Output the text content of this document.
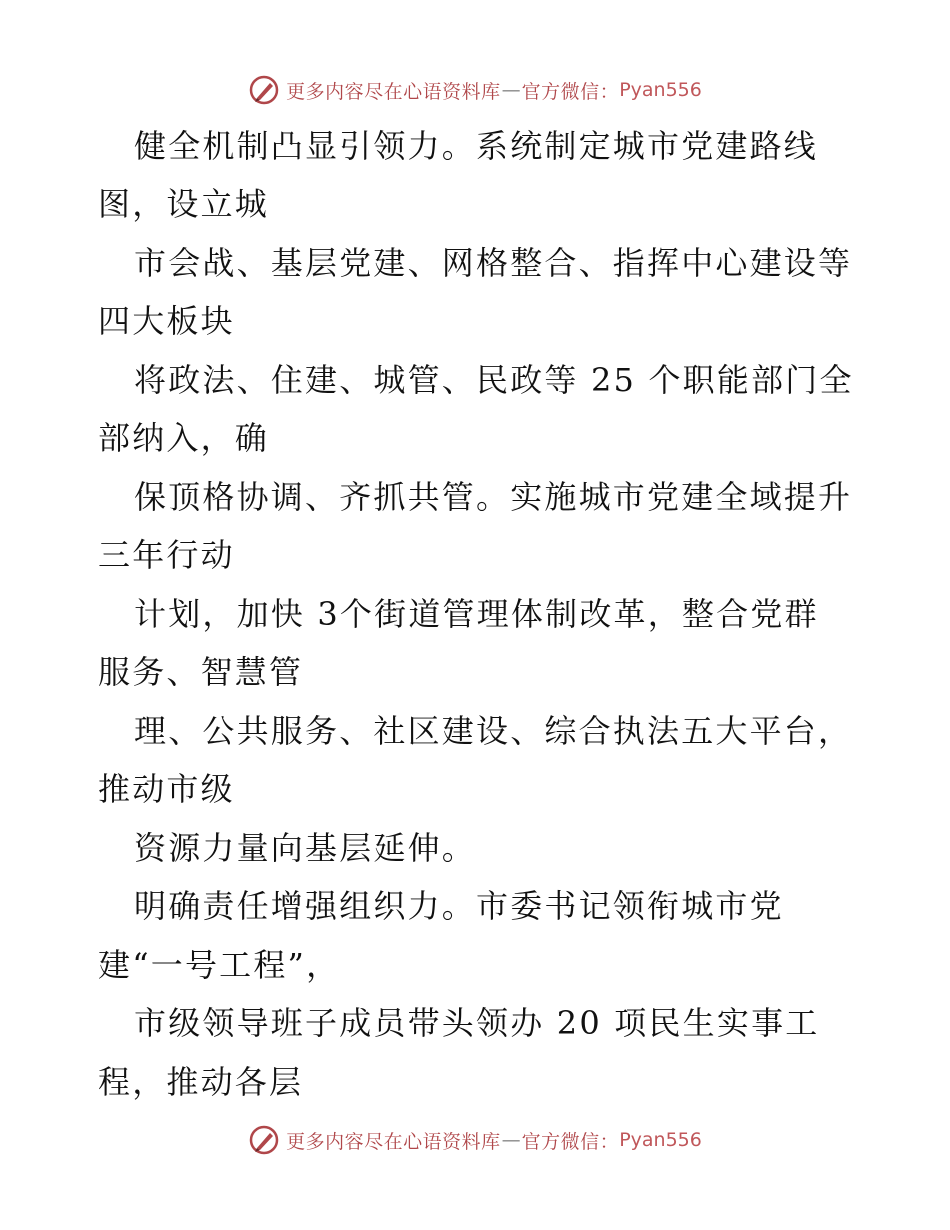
更多内容尽在心语资料库 — 官方微信： Pyan556
健全机制凸显引领力。系统制定城市党建路线
图，设立城
市会战、基层党建、网格整合、指挥中心建设等
四大板块
将政法、住建、城管、民政等 25 个职能部门全
部纳入，确
保顶格协调、齐抓共管。实施城市党建全域提升
三年行动
计划，加快 3个街道管理体制改革，整合党群
服务、智慧管
理、公共服务、社区建设、综合执法五大平台，
推动市级
资源力量向基层延伸。
明确责任增强组织力。市委书记领衔城市党
建“一号工程”，
市级领导班子成员带头领办 20 项民生实事工
程，推动各层
更多内容尽在心语资料库 — 官方微信： Pyan556
